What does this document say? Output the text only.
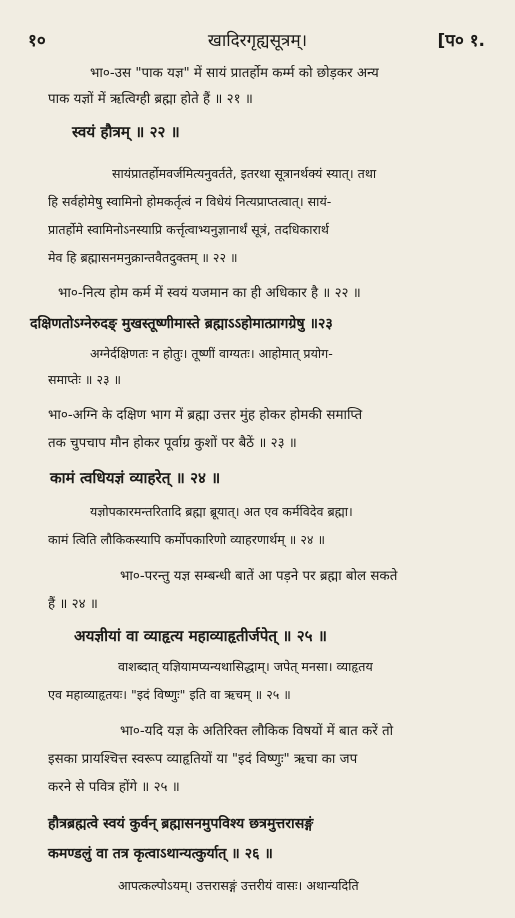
१०	खादिरगृह्यसूत्रम्।	[प० १.
भा०-उस "पाक यज्ञ" में सायं प्रातर्होम कर्म्म को छोड़कर अन्य
पाक यज्ञों में ऋत्विग्ही ब्रह्मा होते हैं ॥ २१ ॥
स्वयं हौत्रम् ॥ २२ ॥
सायंप्रातर्होमवर्जमित्यनुवर्तते, इतरथा सूत्रानर्थक्यं स्यात्। तथा
हि सर्वहोमेषु स्वामिनो होमकर्तृत्वं न विधेयं नित्यप्राप्तत्वात्। सायं-
प्रातर्होमे स्वामिनोऽनस्याप्रि कर्त्तृत्वाभ्यनुज्ञानार्थं सूत्रं, तदधिकारार्थ
मेव हि ब्रह्मासनमनुक्रान्तवैतदुक्तम् ॥ २२ ॥
भा०-नित्य होम कर्म में स्वयं यजमान का ही अधिकार है ॥ २२ ॥
दक्षिणतोऽग्नेरुदङ् मुखस्तूष्णीमास्ते ब्रह्माऽऽहोमात्प्रागग्रेषु ॥२३
अग्नेर्दक्षिणतः न होतुः। तूष्णीं वाग्यतः। आहोमात् प्रयोग-
समाप्तेः ॥ २३ ॥
भा०-अग्नि के दक्षिण भाग में ब्रह्मा उत्तर मुंह होकर होमकी समाप्ति
तक चुपचाप मौन होकर पूर्वाग्र कुशों पर बैठें ॥ २३ ॥
कामं त्वधियज्ञं व्याहरेत् ॥ २४ ॥
यज्ञोपकारमन्तरितादि ब्रह्मा ब्रूयात्। अत एव कर्मविदेव ब्रह्मा।
कामं त्विति लौकिकस्यापि कर्मोपकारिणो व्याहरणार्थम् ॥ २४ ॥
भा०-परन्तु यज्ञ सम्बन्धी बातें आ पड़ने पर ब्रह्मा बोल सकते
हैं ॥ २४ ॥
अयज्ञीयां वा व्याहृत्य महाव्याहृतीर्जपेत् ॥ २५ ॥
वाशब्दात् यज्ञियामप्यन्यथासिद्धाम्। जपेत् मनसा। व्याहृतय
एव महाव्याहृतयः। "इदं विष्णुः" इति वा ऋचम् ॥ २५ ॥
भा०-यदि यज्ञ के अतिरिक्त लौकिक विषयों में बात करें तो
इसका प्रायश्चित्त स्वरूप व्याहृतियों या "इदं विष्णुः" ऋचा का जप
करने से पवित्र होंगे ॥ २५ ॥
हौत्रब्रह्मत्वे स्वयं कुर्वन् ब्रह्मासनमुपविश्य छत्रमुत्तरासङ्गं
कमण्डलुं वा तत्र कृत्वाऽथान्यत्कुर्यात् ॥ २६ ॥
आपत्कल्पोऽयम्। उत्तरासङ्गं उत्तरीयं वासः। अथान्यदिति
